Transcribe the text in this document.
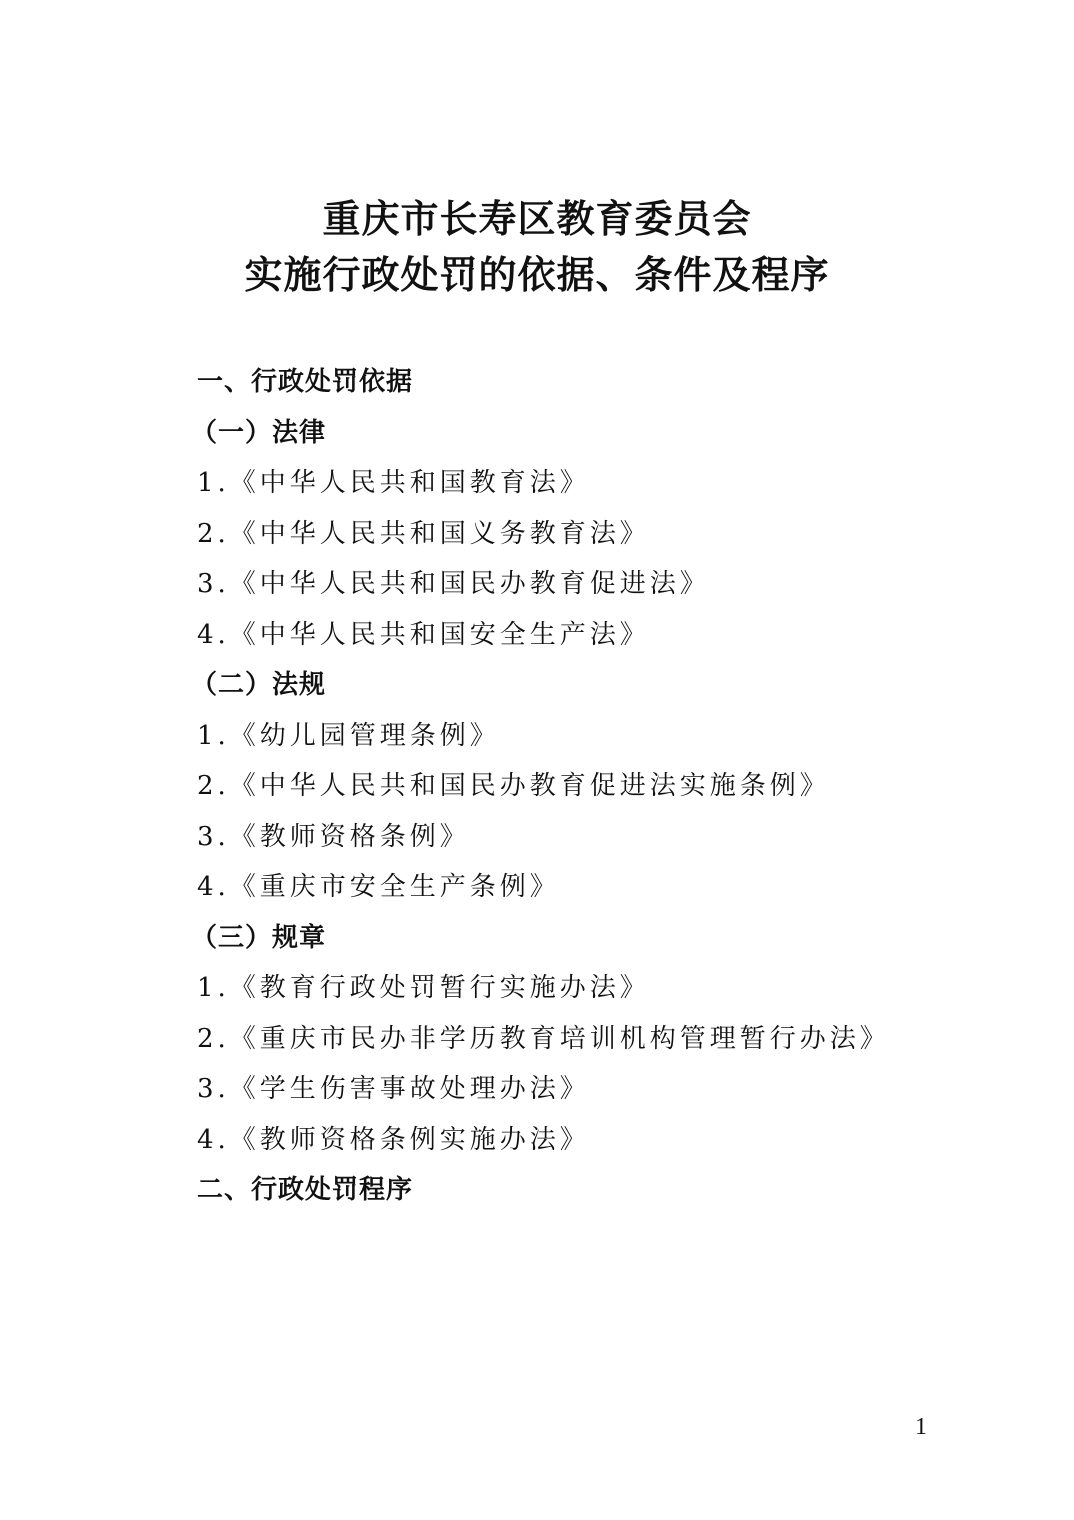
重庆市长寿区教育委员会
实施行政处罚的依据、条件及程序
一、行政处罚依据
（一）法律
1.《中华人民共和国教育法》
2.《中华人民共和国义务教育法》
3.《中华人民共和国民办教育促进法》
4.《中华人民共和国安全生产法》
（二）法规
1.《幼儿园管理条例》
2.《中华人民共和国民办教育促进法实施条例》
3.《教师资格条例》
4.《重庆市安全生产条例》
（三）规章
1.《教育行政处罚暂行实施办法》
2.《重庆市民办非学历教育培训机构管理暂行办法》
3.《学生伤害事故处理办法》
4.《教师资格条例实施办法》
二、行政处罚程序
1
